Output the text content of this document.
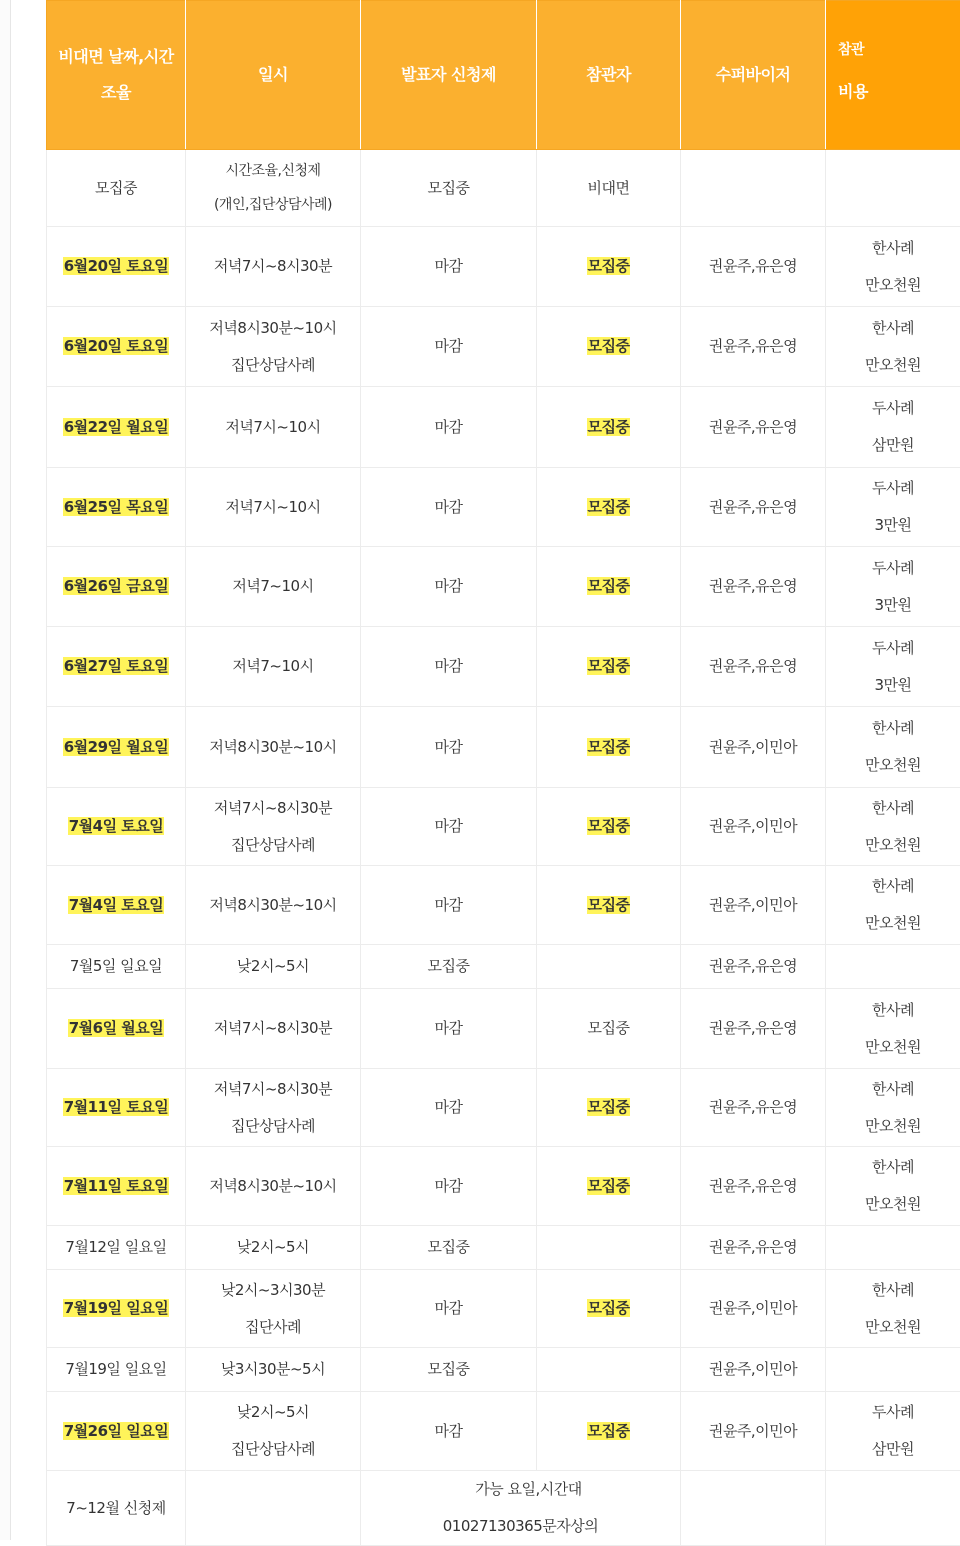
비대면 날짜,시간조율	일시	발표자 신청제	참관자	수퍼바이저	참관
비용
모집중	시간조율,신청제
(개인,집단상담사례)	모집중	비대면		
6월20일 토요일	저녁7시~8시30분	마감	모집중	권윤주,유은영	한사례
만오천원

6월20일 토요일	저녁8시30분~10시
집단상담사례	마감	모집중	권윤주,유은영	한사례
만오천원

6월22일 월요일	저녁7시~10시	마감	모집중	권윤주,유은영	두사례
삼만원

6월25일 목요일	저녁7시~10시	마감	모집중	권윤주,유은영	두사례
3만원

6월26일 금요일	저녁7~10시	마감	모집중	권윤주,유은영	두사례
3만원

6월27일 토요일	저녁7~10시	마감	모집중	권윤주,유은영	두사례
3만원

6월29일 월요일	저녁8시30분~10시	마감	모집중	권윤주,이민아	한사례
만오천원

7월4일 토요일	저녁7시~8시30분
집단상담사례	마감	모집중	권윤주,이민아	한사례
만오천원

7월4일 토요일	저녁8시30분~10시	마감	모집중	권윤주,이민아	한사례
만오천원

7월5일 일요일	낮2시~5시	모집중		권윤주,유은영	
7월6일 월요일	저녁7시~8시30분	마감	모집중	권윤주,유은영	한사례
만오천원

7월11일 토요일	저녁7시~8시30분
집단상담사례	마감	모집중	권윤주,유은영	한사례
만오천원

7월11일 토요일	저녁8시30분~10시	마감	모집중	권윤주,유은영	한사례
만오천원

7월12일 일요일	낮2시~5시	모집중		권윤주,유은영	
7월19일 일요일	낮2시~3시30분
집단사례	마감	모집중	권윤주,이민아	한사례
만오천원

7월19일 일요일	낮3시30분~5시	모집중		권윤주,이민아	
7월26일 일요일	낮2시~5시
집단상담사례	마감	모집중	권윤주,이민아	두사례
삼만원

7~12월 신청제		가능 요일,시간대
01027130365문자상의			
